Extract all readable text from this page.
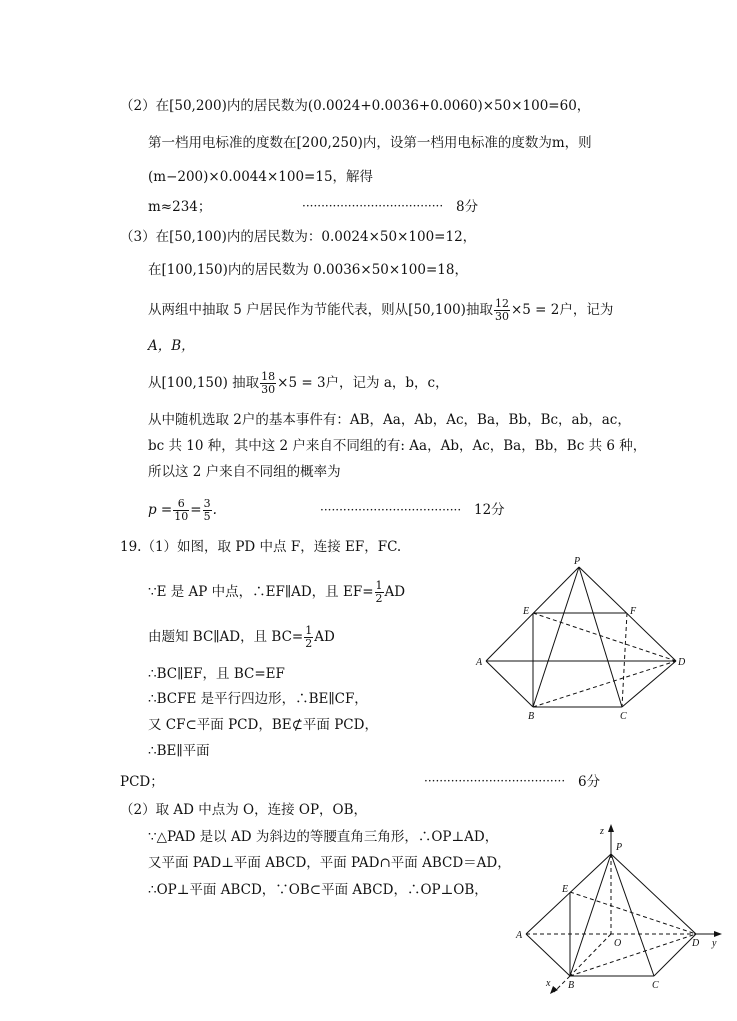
（2）在[50,200)内的居民数为(0.0024+0.0036+0.0060)×50×100=60，
第一档用电标准的度数在[200,250)内，设第一档用电标准的度数为m，则
(m−200)×0.0044×100=15，解得
m≈234；	····································· 8分
（3）在[50,100)内的居民数为：0.0024×50×100=12，
在[100,150)内的居民数为 0.0036×50×100=18，
从两组中抽取 5 户居民作为节能代表，则从[50,100)抽取 $\frac{12}{30} \times 5 = 2$户，记为
A，B，
从[100,150) 抽取 $\frac{18}{30} \times 5 = 3$户，记为 a，b，c，
从中随机选取 2户的基本事件有：AB，Aa，Ab，Ac，Ba，Bb，Bc，ab，ac，
bc 共 10 种，其中这 2 户来自不同组的有: Aa，Ab，Ac，Ba，Bb，Bc 共 6 种，
所以这 2 户来自不同组的概率为
$p = \frac{6}{10} = \frac{3}{5}$ .	····································· 12分
19.（1）如图，取 PD 中点 F，连接 EF，FC.
∵E 是 AP 中点，∴EF∥AD，且 $EF= \frac{1}{2}$ AD
由题知 BC∥AD，且 $BC= \frac{1}{2}$ AD
∴BC∥EF，且 BC=EF
∴BCFE 是平行四边形，∴BE∥CF，
又 CF⊂平面 PCD，BE⊄平面 PCD，
∴BE∥平面
PCD；	····································· 6分
（2）取 AD 中点为 O，连接 OP，OB，
∵△PAD 是以 AD 为斜边的等腰直角三角形，∴OP⊥AD，
又平面 PAD⊥平面 ABCD，平面 PAD∩平面 ABCD＝AD，
∴OP⊥平面 ABCD，∵OB⊂平面 ABCD，∴OP⊥OB，
P
E	F
A	D
B	C
z
P
E
A
O	D y
x B	C
